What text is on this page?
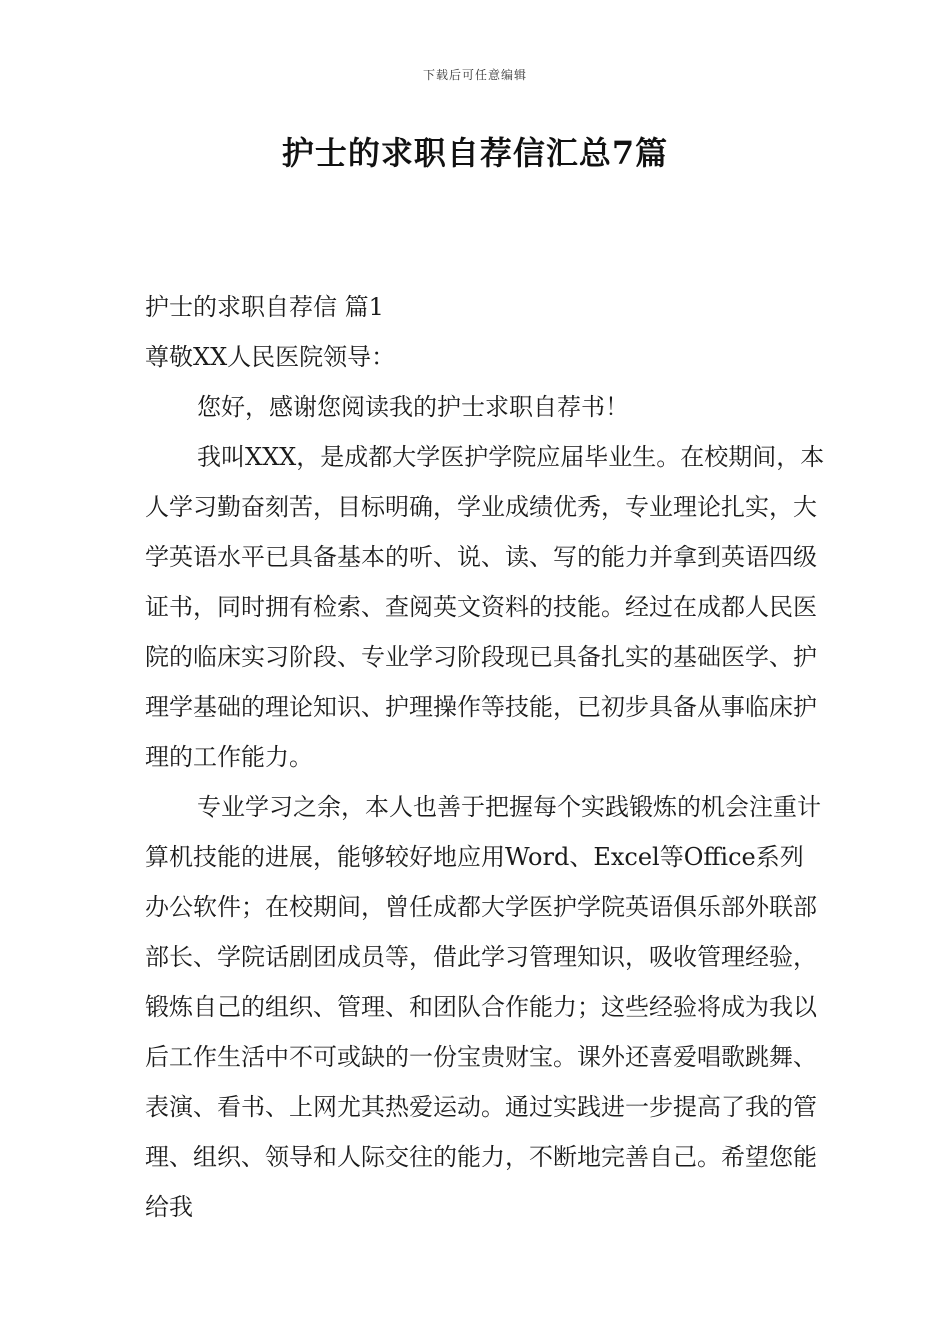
下载后可任意编辑
护士的求职自荐信汇总7篇

护士的求职自荐信 篇1

尊敬XX人民医院领导：

您好，感谢您阅读我的护士求职自荐书！

我叫XXX，是成都大学医护学院应届毕业生。在校期间，本人学习勤奋刻苦，目标明确，学业成绩优秀，专业理论扎实，大学英语水平已具备基本的听、说、读、写的能力并拿到英语四级证书，同时拥有检索、查阅英文资料的技能。经过在成都人民医院的临床实习阶段、专业学习阶段现已具备扎实的基础医学、护理学基础的理论知识、护理操作等技能，已初步具备从事临床护理的工作能力。

专业学习之余，本人也善于把握每个实践锻炼的机会注重计算机技能的进展，能够较好地应用Word、Excel等Office系列办公软件；在校期间，曾任成都大学医护学院英语俱乐部外联部部长、学院话剧团成员等，借此学习管理知识，吸收管理经验，锻炼自己的组织、管理、和团队合作能力；这些经验将成为我以后工作生活中不可或缺的一份宝贵财宝。课外还喜爱唱歌跳舞、表演、看书、上网尤其热爱运动。通过实践进一步提高了我的管理、组织、领导和人际交往的能力，不断地完善自己。希望您能给我
